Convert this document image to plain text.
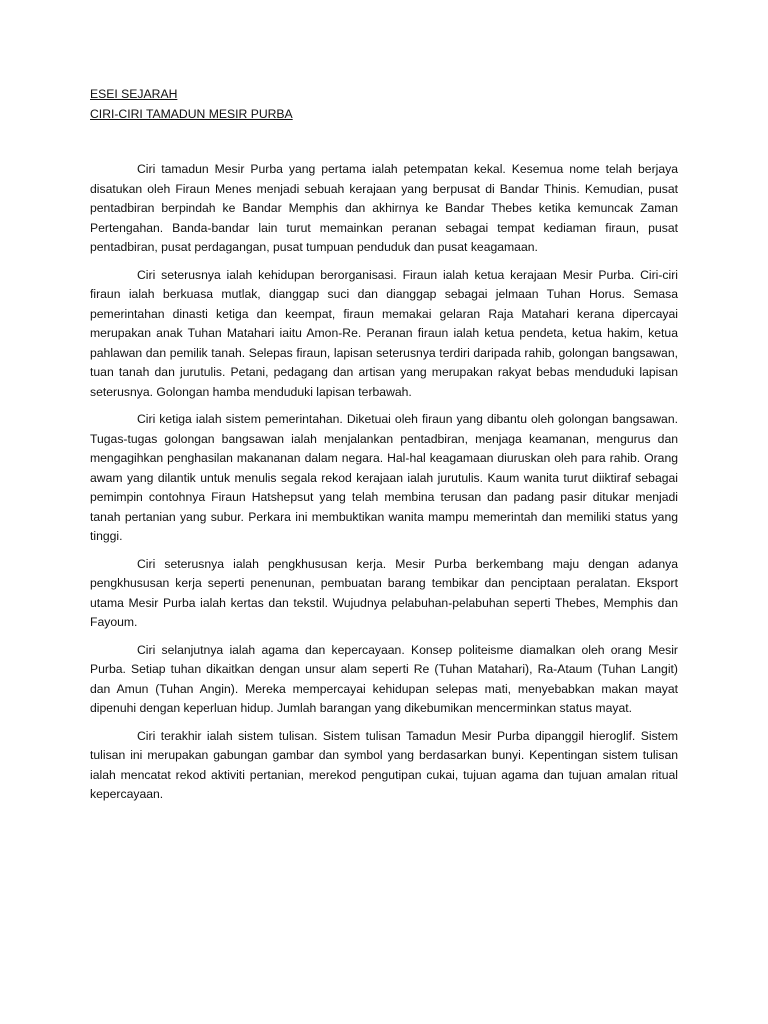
ESEI SEJARAH

CIRI-CIRI TAMADUN MESIR PURBA

Ciri tamadun Mesir Purba yang pertama ialah petempatan kekal. Kesemua nome telah berjaya disatukan oleh Firaun Menes menjadi sebuah kerajaan yang berpusat di Bandar Thinis. Kemudian, pusat pentadbiran berpindah ke Bandar Memphis dan akhirnya ke Bandar Thebes ketika kemuncak Zaman Pertengahan. Banda-bandar lain turut memainkan peranan sebagai tempat kediaman firaun, pusat pentadbiran, pusat perdagangan, pusat tumpuan penduduk dan pusat keagamaan.

Ciri seterusnya ialah kehidupan berorganisasi. Firaun ialah ketua kerajaan Mesir Purba. Ciri-ciri firaun ialah berkuasa mutlak, dianggap suci dan dianggap sebagai jelmaan Tuhan Horus. Semasa pemerintahan dinasti ketiga dan keempat, firaun memakai gelaran Raja Matahari kerana dipercayai merupakan anak Tuhan Matahari iaitu Amon-Re. Peranan firaun ialah ketua pendeta, ketua hakim, ketua pahlawan dan pemilik tanah. Selepas firaun, lapisan seterusnya terdiri daripada rahib, golongan bangsawan, tuan tanah dan jurutulis. Petani, pedagang dan artisan yang merupakan rakyat bebas menduduki lapisan seterusnya. Golongan hamba menduduki lapisan terbawah.

Ciri ketiga ialah sistem pemerintahan. Diketuai oleh firaun yang dibantu oleh golongan bangsawan. Tugas-tugas golongan bangsawan ialah menjalankan pentadbiran, menjaga keamanan, mengurus dan mengagihkan penghasilan makananan dalam negara. Hal-hal keagamaan diuruskan oleh para rahib. Orang awam yang dilantik untuk menulis segala rekod kerajaan ialah jurutulis. Kaum wanita turut diiktiraf sebagai pemimpin contohnya Firaun Hatshepsut yang telah membina terusan dan padang pasir ditukar menjadi tanah pertanian yang subur. Perkara ini membuktikan wanita mampu memerintah dan memiliki status yang tinggi.

Ciri seterusnya ialah pengkhususan kerja. Mesir Purba berkembang maju dengan adanya pengkhususan kerja seperti penenunan, pembuatan barang tembikar dan penciptaan peralatan. Eksport utama Mesir Purba ialah kertas dan tekstil. Wujudnya pelabuhan-pelabuhan seperti Thebes, Memphis dan Fayoum.

Ciri selanjutnya ialah agama dan kepercayaan. Konsep politeisme diamalkan oleh orang Mesir Purba. Setiap tuhan dikaitkan dengan unsur alam seperti Re (Tuhan Matahari), Ra-Ataum (Tuhan Langit) dan Amun (Tuhan Angin). Mereka mempercayai kehidupan selepas mati, menyebabkan makan mayat dipenuhi dengan keperluan hidup. Jumlah barangan yang dikebumikan mencerminkan status mayat.

Ciri terakhir ialah sistem tulisan. Sistem tulisan Tamadun Mesir Purba dipanggil hieroglif. Sistem tulisan ini merupakan gabungan gambar dan symbol yang berdasarkan bunyi. Kepentingan sistem tulisan ialah mencatat rekod aktiviti pertanian, merekod pengutipan cukai, tujuan agama dan tujuan amalan ritual kepercayaan.
